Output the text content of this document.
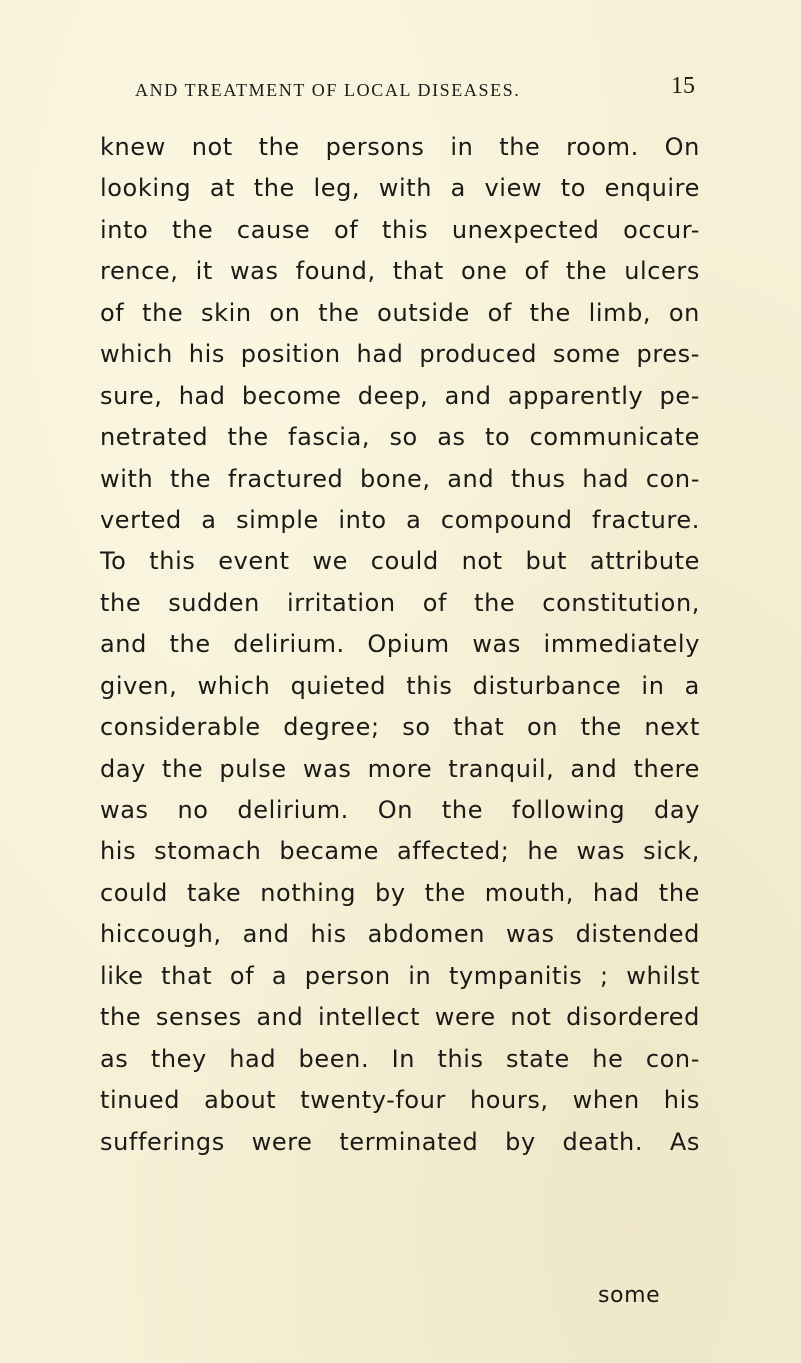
AND TREATMENT OF LOCAL DISEASES.	15
knew not the persons in the room. On
looking at the leg, with a view to enquire
into the cause of this unexpected occur-
rence, it was found, that one of the ulcers
of the skin on the outside of the limb, on
which his position had produced some pres-
sure, had become deep, and apparently pe-
netrated the fascia, so as to communicate
with the fractured bone, and thus had con-
verted a simple into a compound fracture.
To this event we could not but attribute
the sudden irritation of the constitution,
and the delirium. Opium was immediately
given, which quieted this disturbance in a
considerable degree; so that on the next
day the pulse was more tranquil, and there
was no delirium. On the following day
his stomach became affected; he was sick,
could take nothing by the mouth, had the
hiccough, and his abdomen was distended
like that of a person in tympanitis ; whilst
the senses and intellect were not disordered
as they had been. In this state he con-
tinued about twenty-four hours, when his
sufferings were terminated by death. As
some
